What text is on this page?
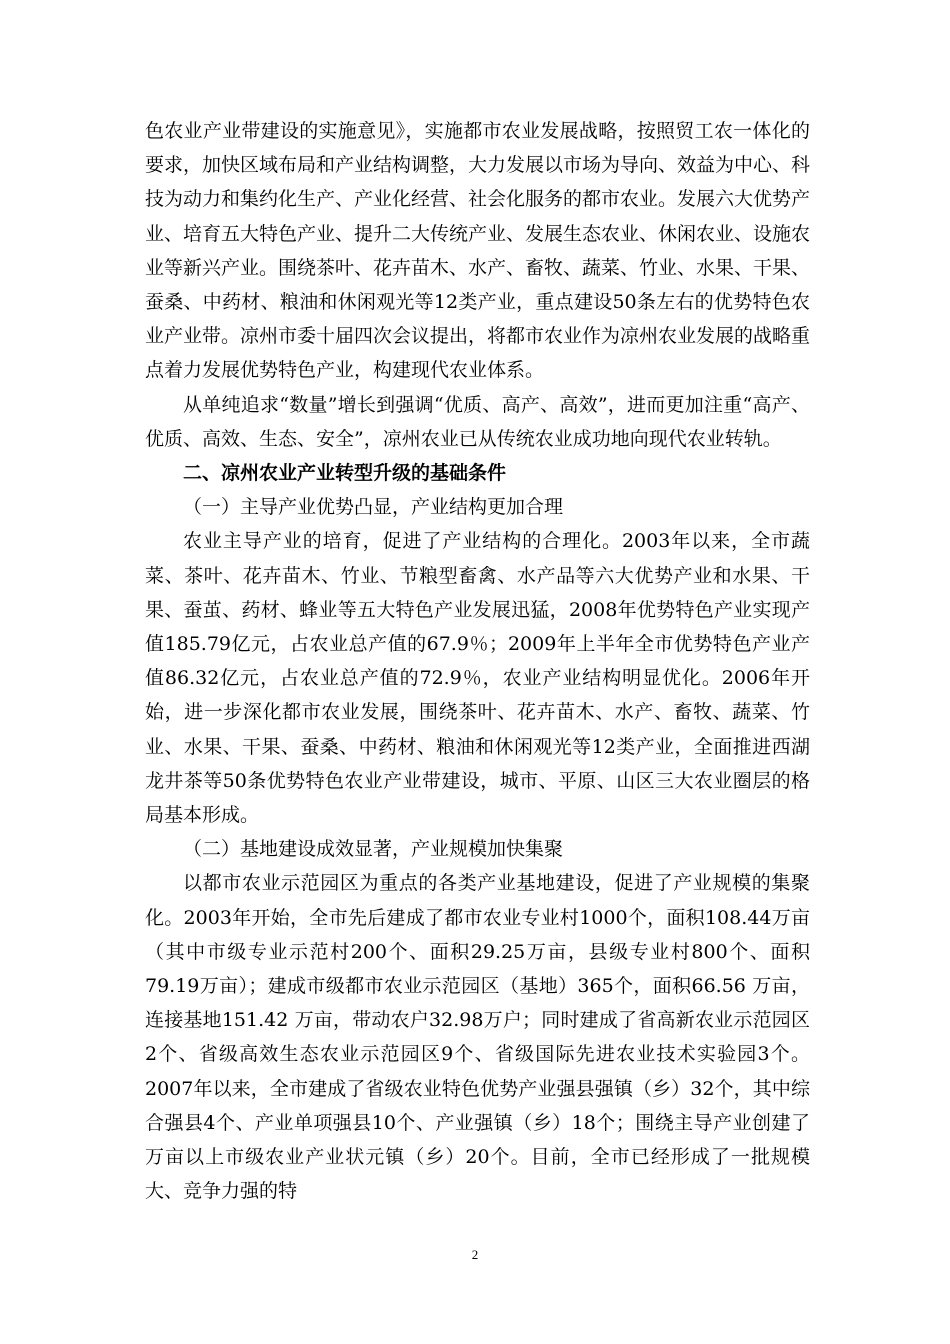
色农业产业带建设的实施意见》，实施都市农业发展战略，按照贸工农一体化的要求，加快区域布局和产业结构调整，大力发展以市场为导向、效益为中心、科技为动力和集约化生产、产业化经营、社会化服务的都市农业。发展六大优势产业、培育五大特色产业、提升二大传统产业、发展生态农业、休闲农业、设施农业等新兴产业。围绕茶叶、花卉苗木、水产、畜牧、蔬菜、竹业、水果、干果、蚕桑、中药材、粮油和休闲观光等12类产业，重点建设50条左右的优势特色农业产业带。凉州市委十届四次会议提出，将都市农业作为凉州农业发展的战略重点着力发展优势特色产业，构建现代农业体系。

从单纯追求“数量”增长到强调“优质、高产、高效”，进而更加注重“高产、优质、高效、生态、安全”，凉州农业已从传统农业成功地向现代农业转轨。

二、凉州农业产业转型升级的基础条件

（一）主导产业优势凸显，产业结构更加合理

农业主导产业的培育，促进了产业结构的合理化。2003年以来，全市蔬菜、茶叶、花卉苗木、竹业、节粮型畜禽、水产品等六大优势产业和水果、干果、蚕茧、药材、蜂业等五大特色产业发展迅猛，2008年优势特色产业实现产值185.79亿元，占农业总产值的67.9％；2009年上半年全市优势特色产业产值86.32亿元，占农业总产值的72.9％，农业产业结构明显优化。2006年开始，进一步深化都市农业发展，围绕茶叶、花卉苗木、水产、畜牧、蔬菜、竹业、水果、干果、蚕桑、中药材、粮油和休闲观光等12类产业，全面推进西湖龙井茶等50条优势特色农业产业带建设，城市、平原、山区三大农业圈层的格局基本形成。

（二）基地建设成效显著，产业规模加快集聚

以都市农业示范园区为重点的各类产业基地建设，促进了产业规模的集聚化。2003年开始，全市先后建成了都市农业专业村1000个，面积108.44万亩（其中市级专业示范村200个、面积29.25万亩，县级专业村800个、面积79.19万亩）；建成市级都市农业示范园区（基地）365个，面积66.56 万亩，连接基地151.42 万亩，带动农户32.98万户；同时建成了省高新农业示范园区2个、省级高效生态农业示范园区9个、省级国际先进农业技术实验园3个。2007年以来，全市建成了省级农业特色优势产业强县强镇（乡）32个，其中综合强县4个、产业单项强县10个、产业强镇（乡）18个；围绕主导产业创建了万亩以上市级农业产业状元镇（乡）20个。目前，全市已经形成了一批规模大、竞争力强的特

2
